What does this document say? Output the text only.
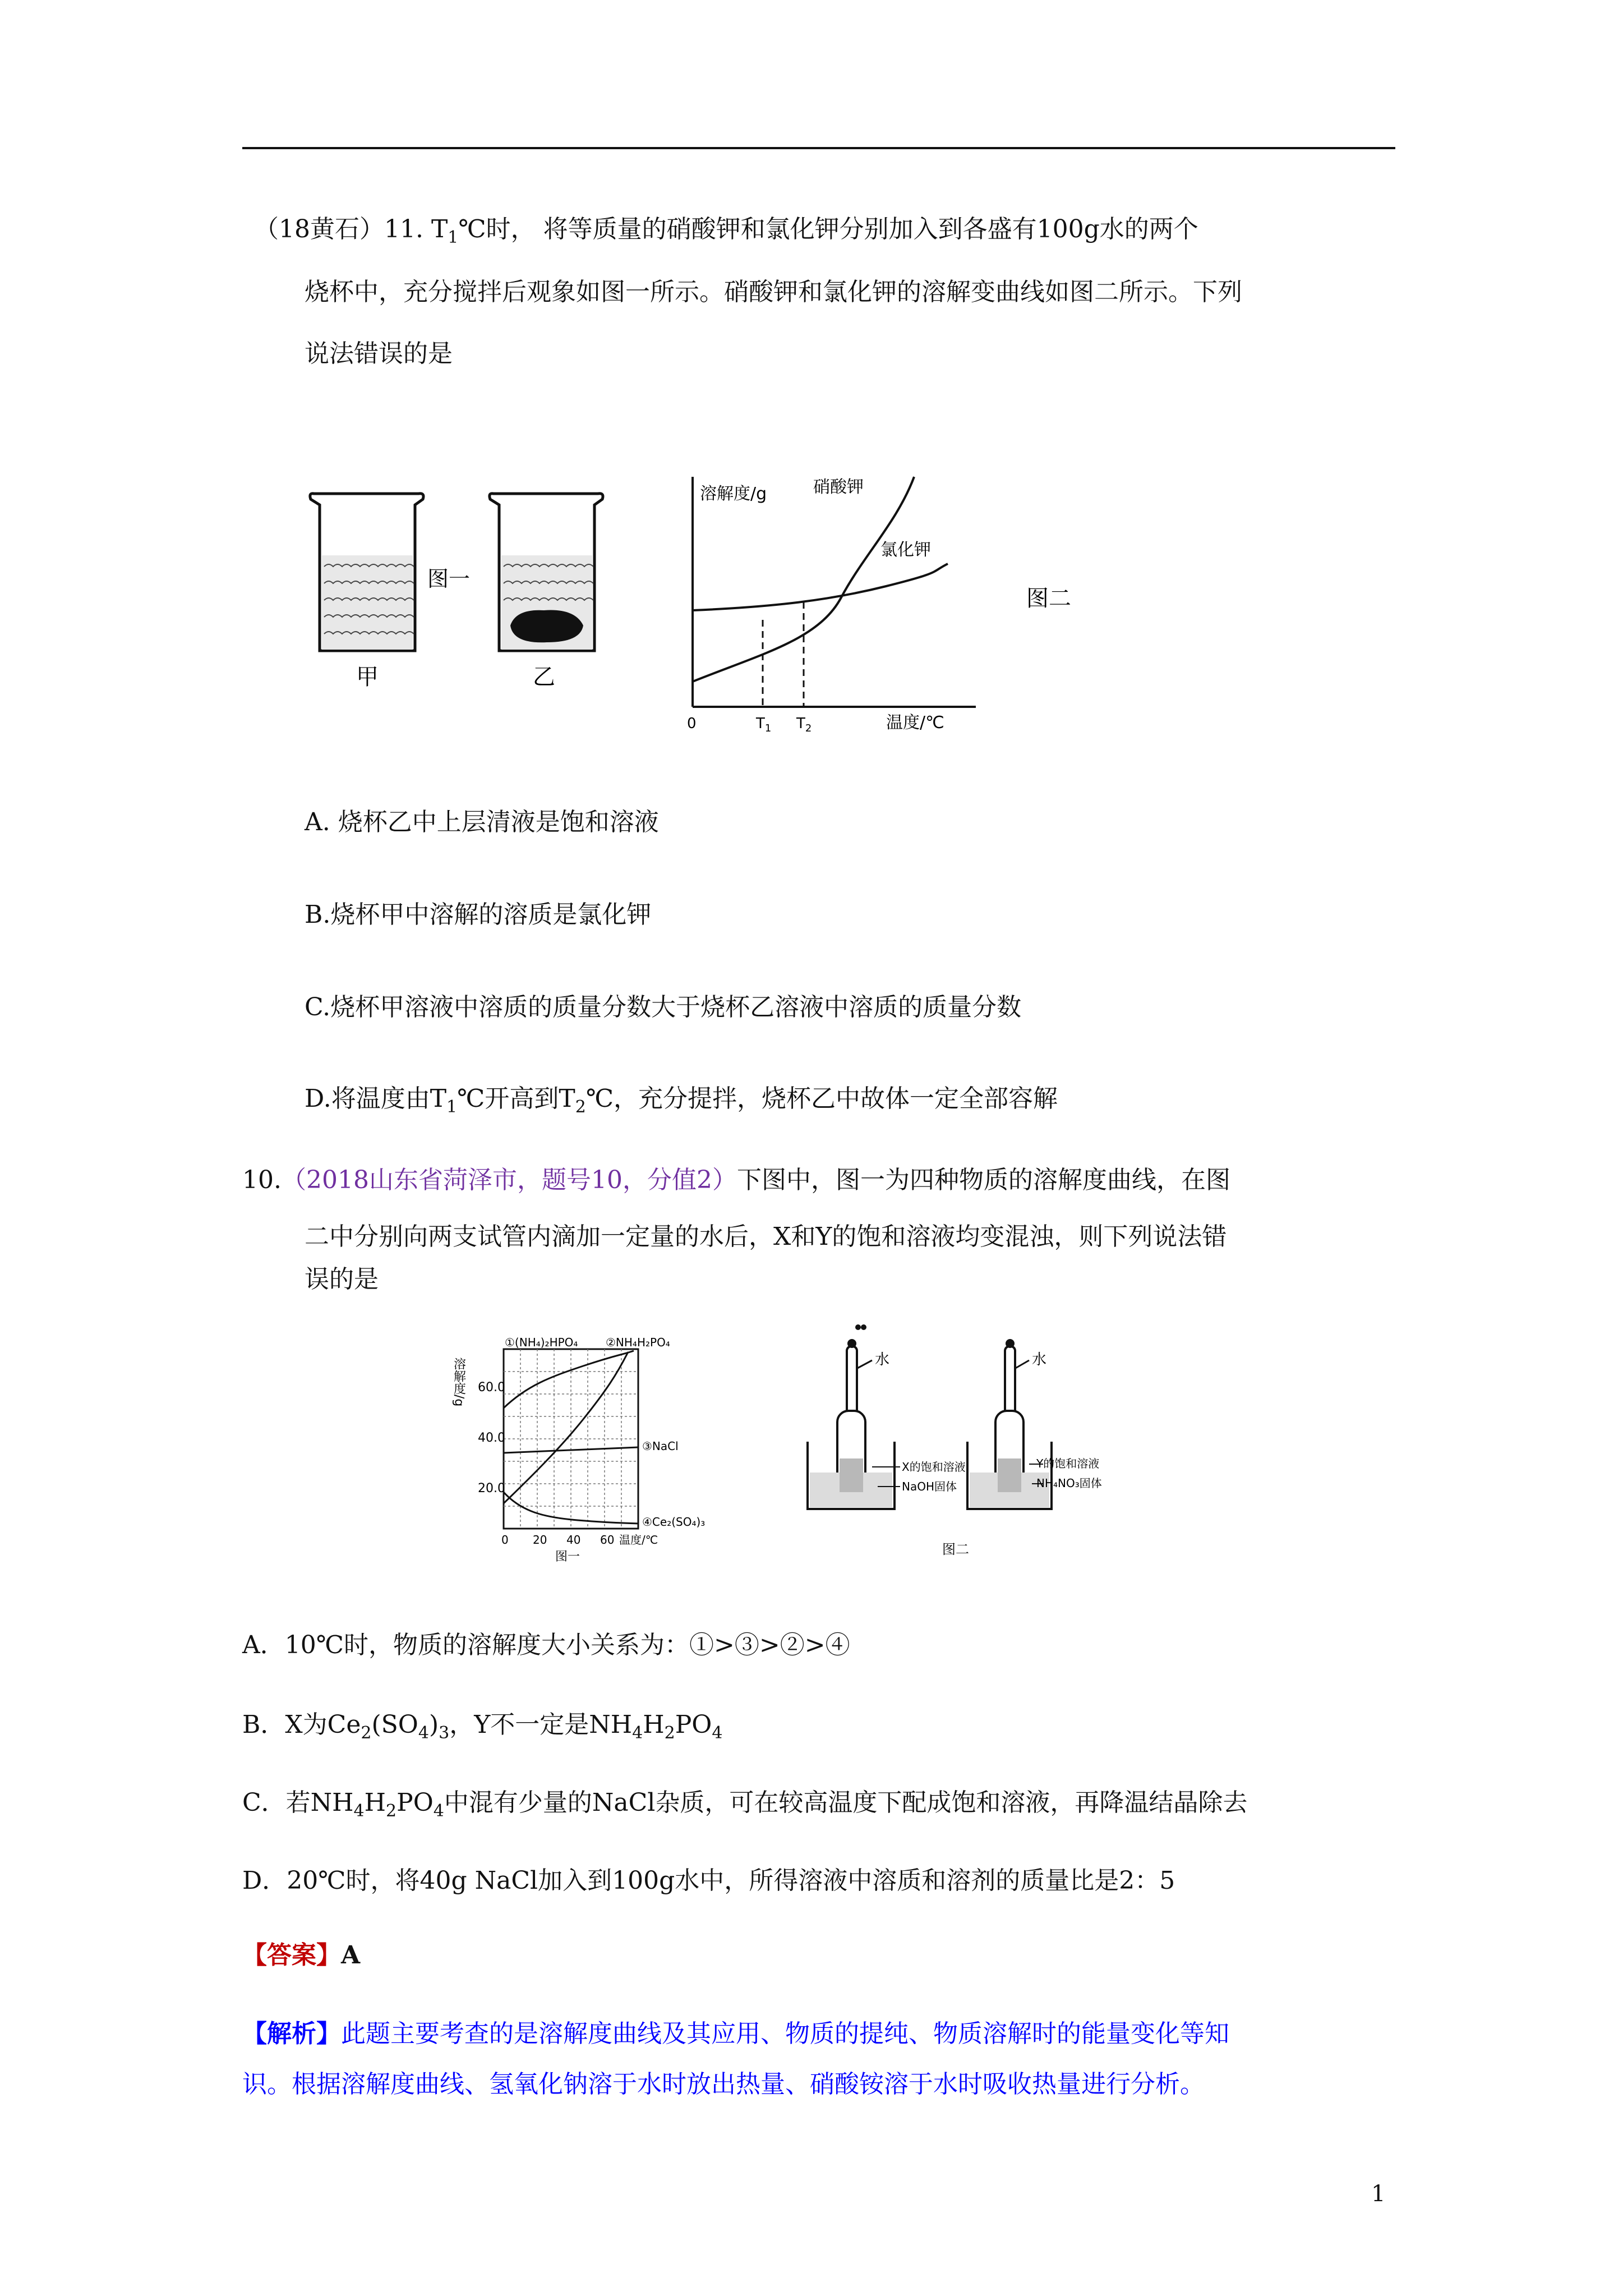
（18黄石）11. $T_1℃$时， 将等质量的硝酸钾和氯化钾分别加入到各盛有100g水的两个
烧杯中，充分搅拌后观象如图一所示。硝酸钾和氯化钾的溶解变曲线如图二所示。下列
说法错误的是
甲
图一
乙
溶解度/g	硝酸钾
氯化钾
0	$T_1$ $T_2$	温度/℃
图二
A. 烧杯乙中上层清液是饱和溶液
B.烧杯甲中溶解的溶质是氯化钾
C.烧杯甲溶液中溶质的质量分数大于烧杯乙溶液中溶质的质量分数
D.将温度由$T_1℃$开高到$T_2℃$，充分提拌，烧杯乙中故体一定全部容解
10.（2018山东省菏泽市，题号10，分值2）下图中，图一为四种物质的溶解度曲线，在图
二中分别向两支试管内滴加一定量的水后，X和Y的饱和溶液均变混浊，则下列说法错
误的是
溶解度/g 60.0
40.0
20.0
①(NH₄)₂HPO₄ ②NH₄H₂PO₄
③NaCl
④Ce₂(SO₄)₃
0 20 40 60 温度/℃
图一
水
X的饱和溶液
NaOH固体
水
Y的饱和溶液
NH₄NO₃固体
图二
A．10℃时，物质的溶解度大小关系为：①>③>②>④
B．X为$Ce_2(SO_4)_3$，Y不一定是$NH_4H_2PO_4$
C．若$NH_4H_2PO_4$中混有少量的NaCl杂质，可在较高温度下配成饱和溶液，再降温结晶除去
D．20℃时，将40g NaCl加入到100g水中，所得溶液中溶质和溶剂的质量比是2：5
【答案】A
【解析】此题主要考查的是溶解度曲线及其应用、物质的提纯、物质溶解时的能量变化等知
识。根据溶解度曲线、氢氧化钠溶于水时放出热量、硝酸铵溶于水时吸收热量进行分析。
1
